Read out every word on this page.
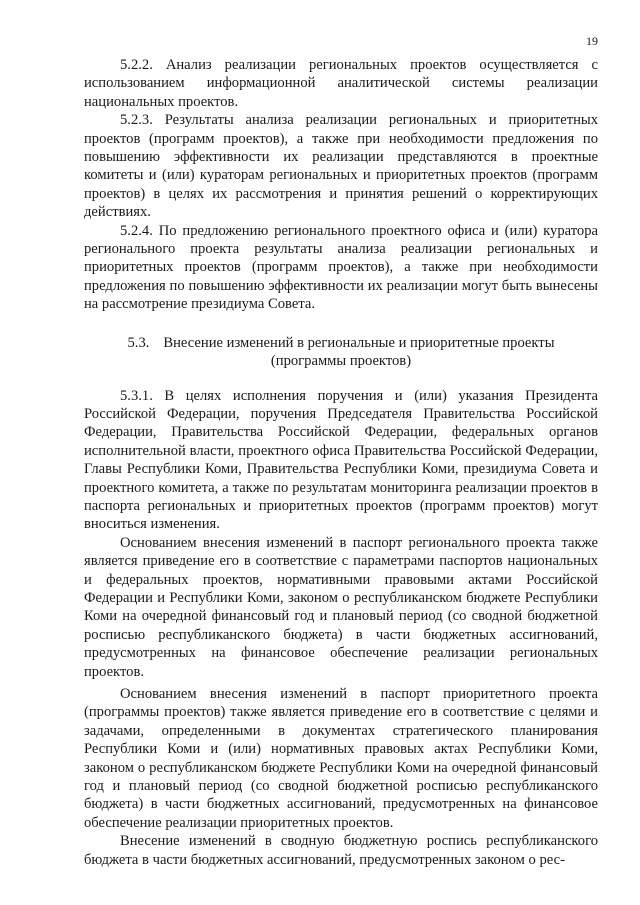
19

5.2.2. Анализ реализации региональных проектов осуществляется с использованием информационной аналитической системы реализации национальных проектов.

5.2.3. Результаты анализа реализации региональных и приоритетных проектов (программ проектов), а также при необходимости предложения по повышению эффективности их реализации представляются в проектные комитеты и (или) кураторам региональных и приоритетных проектов (программ проектов) в целях их рассмотрения и принятия решений о корректирующих действиях.

5.2.4. По предложению регионального проектного офиса и (или) куратора регионального проекта результаты анализа реализации региональных и приоритетных проектов (программ проектов), а также при необходимости предложения по повышению эффективности их реализации могут быть вынесены на рассмотрение президиума Совета.

5.3. Внесение изменений в региональные и приоритетные проекты
(программы проектов)

5.3.1. В целях исполнения поручения и (или) указания Президента Российской Федерации, поручения Председателя Правительства Российской Федерации, Правительства Российской Федерации, федеральных органов исполнительной власти, проектного офиса Правительства Российской Федерации, Главы Республики Коми, Правительства Республики Коми, президиума Совета и проектного комитета, а также по результатам мониторинга реализации проектов в паспорта региональных и приоритетных проектов (программ проектов) могут вноситься изменения.

Основанием внесения изменений в паспорт регионального проекта также является приведение его в соответствие с параметрами паспортов национальных и федеральных проектов, нормативными правовыми актами Российской Федерации и Республики Коми, законом о республиканском бюджете Республики Коми на очередной финансовый год и плановый период (со сводной бюджетной росписью республиканского бюджета) в части бюджетных ассигнований, предусмотренных на финансовое обеспечение реализации региональных проектов.

Основанием внесения изменений в паспорт приоритетного проекта (программы проектов) также является приведение его в соответствие с целями и задачами, определенными в документах стратегического планирования Республики Коми и (или) нормативных правовых актах Республики Коми, законом о республиканском бюджете Республики Коми на очередной финансовый год и плановый период (со сводной бюджетной росписью республиканского бюджета) в части бюджетных ассигнований, предусмотренных на финансовое обеспечение реализации приоритетных проектов.

Внесение изменений в сводную бюджетную роспись республиканского бюджета в части бюджетных ассигнований, предусмотренных законом о рес-
